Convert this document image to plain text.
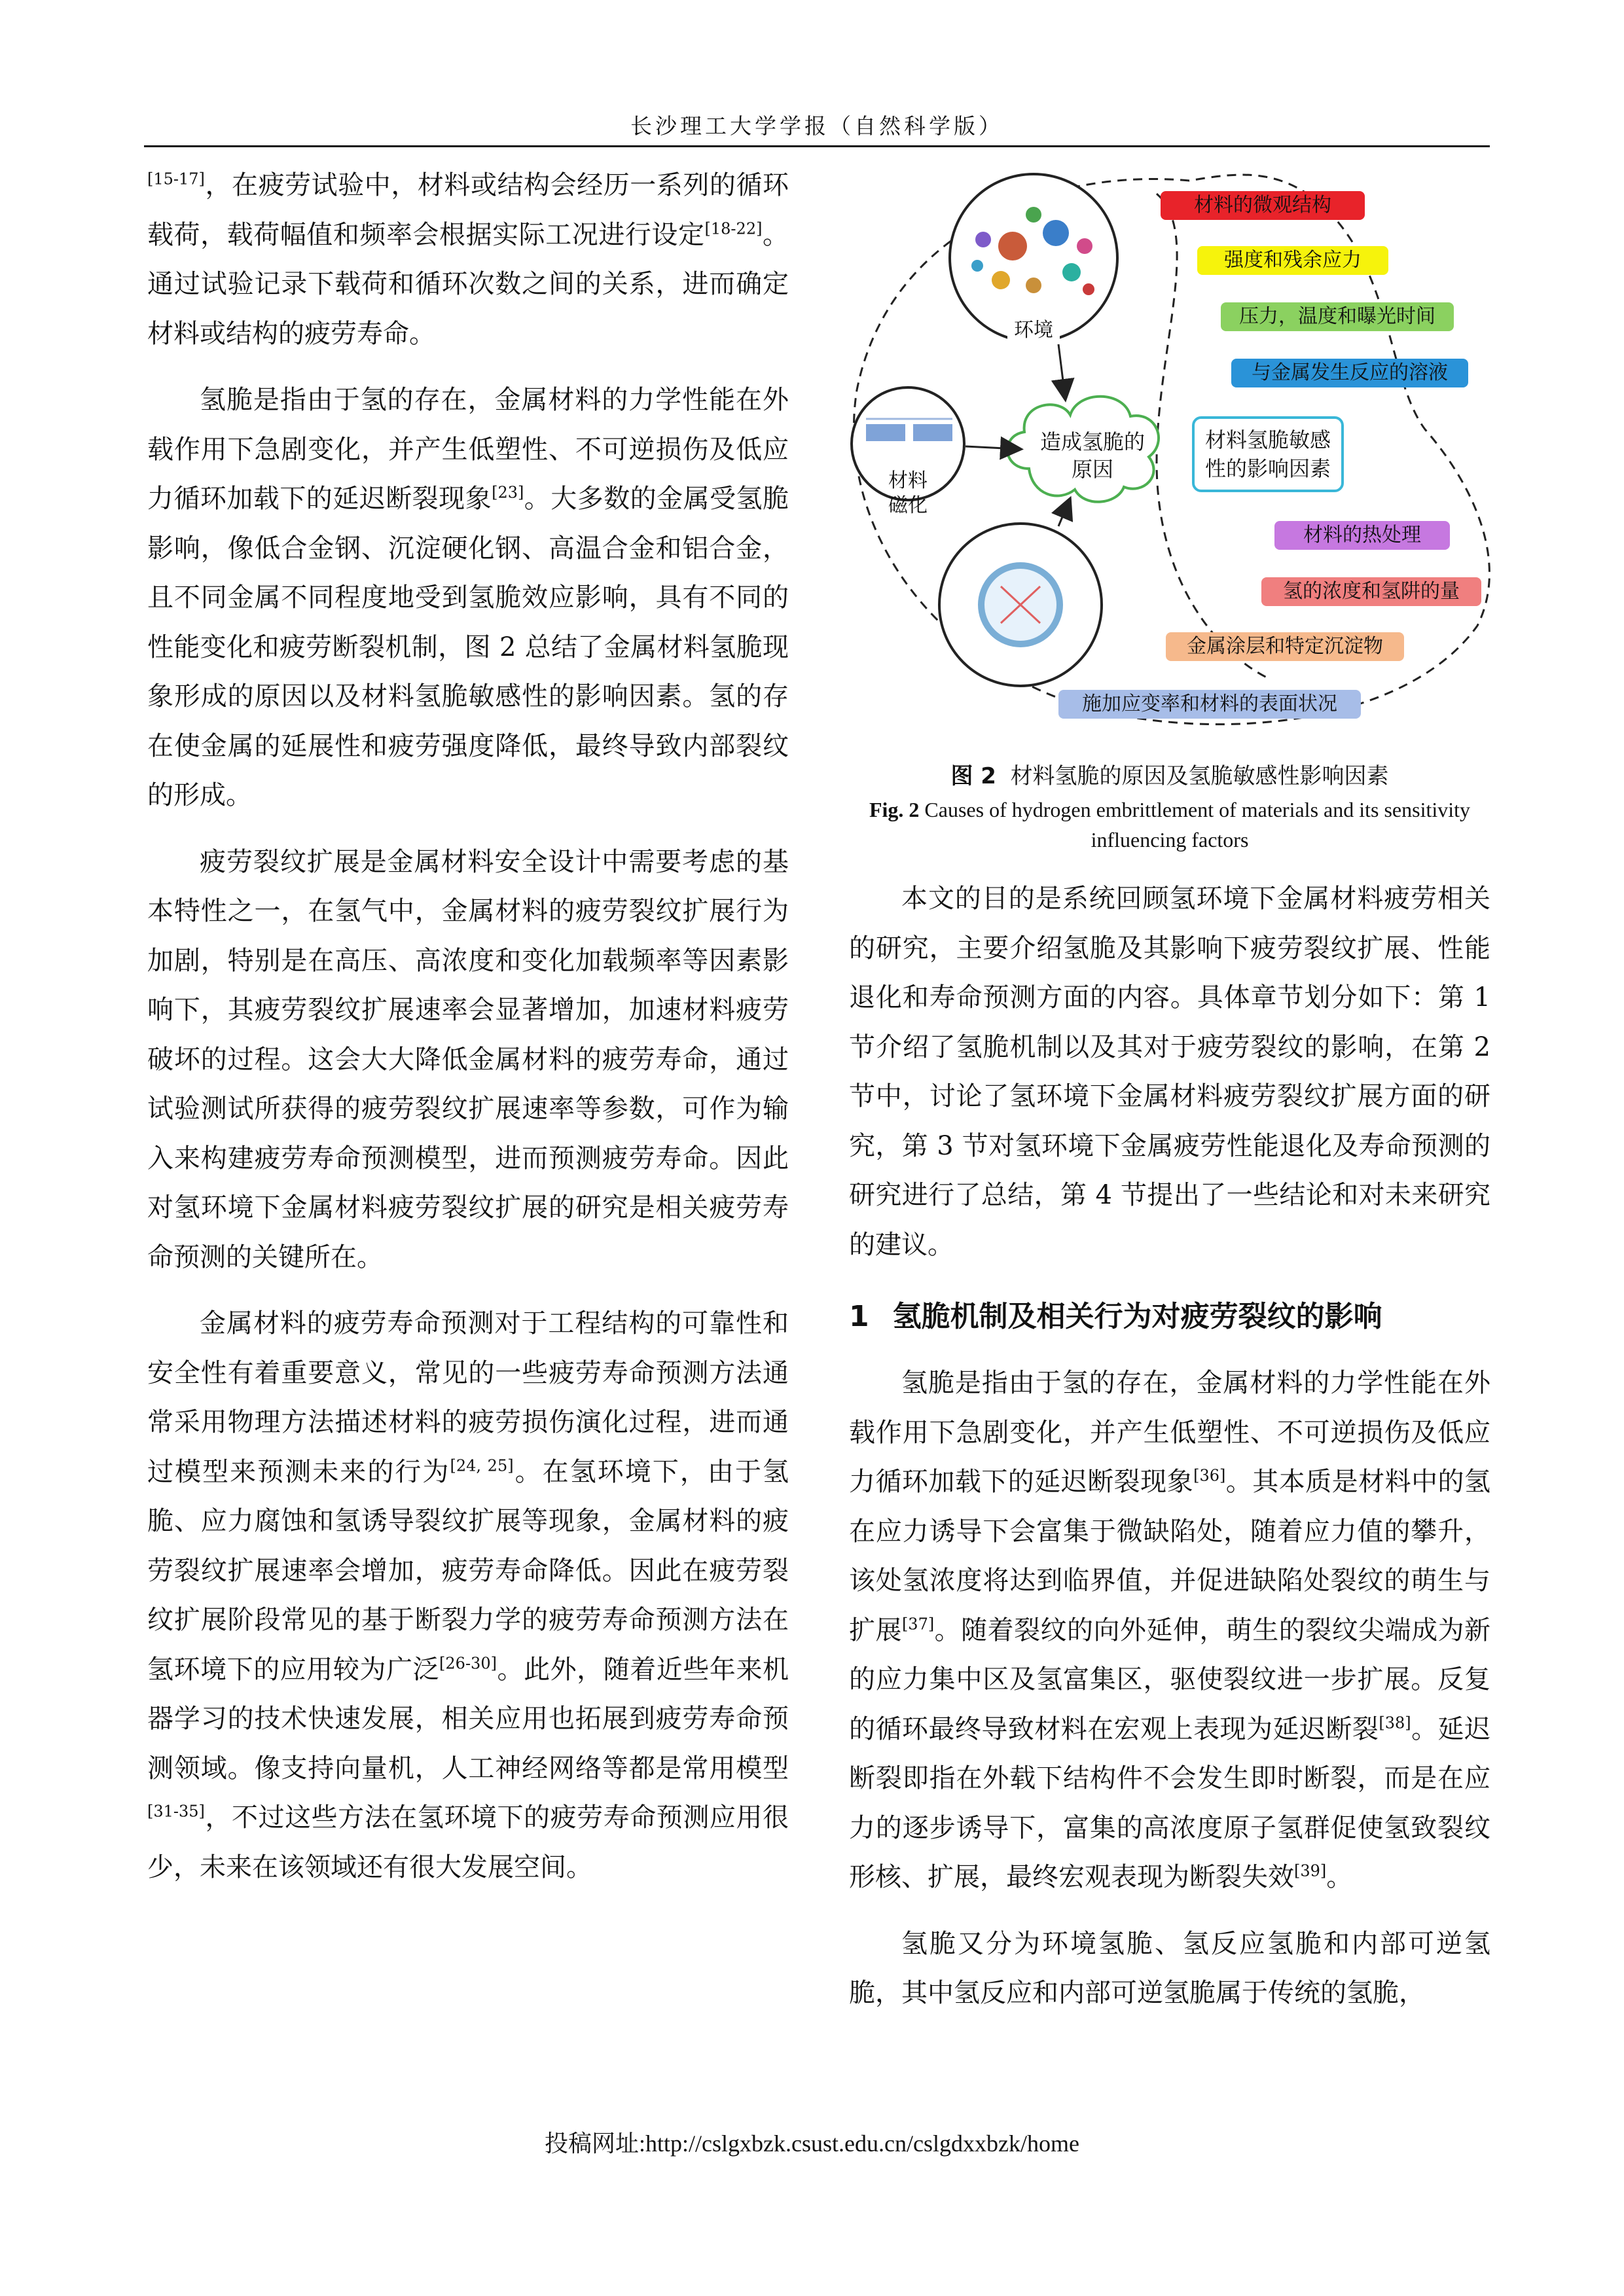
长沙理工大学学报（自然科学版）

[15-17]，在疲劳试验中，材料或结构会经历一系列的循环载荷，载荷幅值和频率会根据实际工况进行设定[18-22]。通过试验记录下载荷和循环次数之间的关系，进而确定材料或结构的疲劳寿命。

氢脆是指由于氢的存在，金属材料的力学性能在外载作用下急剧变化，并产生低塑性、不可逆损伤及低应力循环加载下的延迟断裂现象[23]。大多数的金属受氢脆影响，像低合金钢、沉淀硬化钢、高温合金和铝合金，且不同金属不同程度地受到氢脆效应影响，具有不同的性能变化和疲劳断裂机制，图 2 总结了金属材料氢脆现象形成的原因以及材料氢脆敏感性的影响因素。氢的存在使金属的延展性和疲劳强度降低，最终导致内部裂纹的形成。

疲劳裂纹扩展是金属材料安全设计中需要考虑的基本特性之一，在氢气中，金属材料的疲劳裂纹扩展行为加剧，特别是在高压、高浓度和变化加载频率等因素影响下，其疲劳裂纹扩展速率会显著增加，加速材料疲劳破坏的过程。这会大大降低金属材料的疲劳寿命，通过试验测试所获得的疲劳裂纹扩展速率等参数，可作为输入来构建疲劳寿命预测模型，进而预测疲劳寿命。因此对氢环境下金属材料疲劳裂纹扩展的研究是相关疲劳寿命预测的关键所在。

金属材料的疲劳寿命预测对于工程结构的可靠性和安全性有着重要意义，常见的一些疲劳寿命预测方法通常采用物理方法描述材料的疲劳损伤演化过程，进而通过模型来预测未来的行为[24, 25]。在氢环境下，由于氢脆、应力腐蚀和氢诱导裂纹扩展等现象，金属材料的疲劳裂纹扩展速率会增加，疲劳寿命降低。因此在疲劳裂纹扩展阶段常见的基于断裂力学的疲劳寿命预测方法在氢环境下的应用较为广泛[26-30]。此外，随着近些年来机器学习的技术快速发展，相关应用也拓展到疲劳寿命预测领域。像支持向量机，人工神经网络等都是常用模型[31-35]，不过这些方法在氢环境下的疲劳寿命预测应用很少，未来在该领域还有很大发展空间。

环境
材料
磁化
造成氢脆的
原因
材料氢脆敏感
性的影响因素
材料的微观结构
强度和残余应力
压力，温度和曝光时间
与金属发生反应的溶液
材料的热处理
氢的浓度和氢阱的量
金属涂层和特定沉淀物
施加应变率和材料的表面状况
图 2 材料氢脆的原因及氢脆敏感性影响因素
Fig. 2 Causes of hydrogen embrittlement of materials and its sensitivity influencing factors

本文的目的是系统回顾氢环境下金属材料疲劳相关的研究，主要介绍氢脆及其影响下疲劳裂纹扩展、性能退化和寿命预测方面的内容。具体章节划分如下：第 1 节介绍了氢脆机制以及其对于疲劳裂纹的影响，在第 2 节中，讨论了氢环境下金属材料疲劳裂纹扩展方面的研究，第 3 节对氢环境下金属疲劳性能退化及寿命预测的研究进行了总结，第 4 节提出了一些结论和对未来研究的建议。

1 氢脆机制及相关行为对疲劳裂纹的影响

氢脆是指由于氢的存在，金属材料的力学性能在外载作用下急剧变化，并产生低塑性、不可逆损伤及低应力循环加载下的延迟断裂现象[36]。其本质是材料中的氢在应力诱导下会富集于微缺陷处，随着应力值的攀升，该处氢浓度将达到临界值，并促进缺陷处裂纹的萌生与扩展[37]。随着裂纹的向外延伸，萌生的裂纹尖端成为新的应力集中区及氢富集区，驱使裂纹进一步扩展。反复的循环最终导致材料在宏观上表现为延迟断裂[38]。延迟断裂即指在外载下结构件不会发生即时断裂，而是在应力的逐步诱导下，富集的高浓度原子氢群促使氢致裂纹形核、扩展，最终宏观表现为断裂失效[39]。

氢脆又分为环境氢脆、氢反应氢脆和内部可逆氢脆，其中氢反应和内部可逆氢脆属于传统的氢脆，

投稿网址:http://cslgxbzk.csust.edu.cn/cslgdxxbzk/home
